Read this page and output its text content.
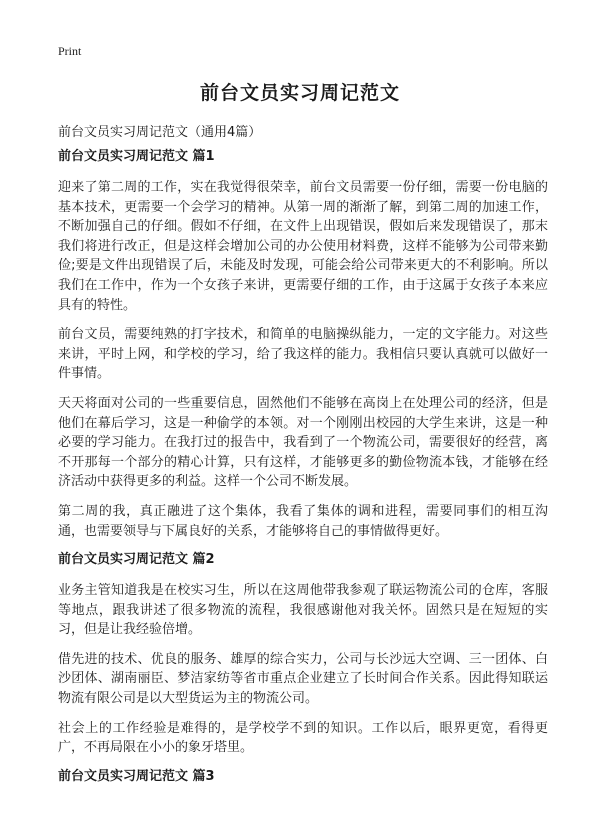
Print
前台文员实习周记范文
前台文员实习周记范文（通用4篇）
前台文员实习周记范文 篇1

迎来了第二周的工作，实在我觉得很荣幸，前台文员需要一份仔细，需要一份电脑的基本技术，更需要一个会学习的精神。从第一周的渐渐了解，到第二周的加速工作，不断加强自己的仔细。假如不仔细，在文件上出现错误，假如后来发现错误了，那末我们将进行改正，但是这样会增加公司的办公使用材料费，这样不能够为公司带来勤俭;要是文件出现错误了后，未能及时发现，可能会给公司带来更大的不利影响。所以我们在工作中，作为一个女孩子来讲，更需要仔细的工作，由于这属于女孩子本来应具有的特性。

前台文员，需要纯熟的打字技术，和简单的电脑操纵能力，一定的文字能力。对这些来讲，平时上网，和学校的学习，给了我这样的能力。我相信只要认真就可以做好一件事情。

天天将面对公司的一些重要信息，固然他们不能够在高岗上在处理公司的经济，但是他们在幕后学习，这是一种偷学的本领。对一个刚刚出校园的大学生来讲，这是一种必要的学习能力。在我打过的报告中，我看到了一个物流公司，需要很好的经营，离不开那每一个部分的精心计算，只有这样，才能够更多的勤俭物流本钱，才能够在经济活动中获得更多的利益。这样一个公司不断发展。

第二周的我，真正融进了这个集体，我看了集体的调和进程，需要同事们的相互沟通，也需要领导与下属良好的关系，才能够将自己的事情做得更好。

前台文员实习周记范文 篇2

业务主管知道我是在校实习生，所以在这周他带我参观了联运物流公司的仓库，客服等地点，跟我讲述了很多物流的流程，我很感谢他对我关怀。固然只是在短短的实习，但是让我经验倍增。

借先进的技术、优良的服务、雄厚的综合实力，公司与长沙远大空调、三一团体、白沙团体、湖南丽臣、梦洁家纺等省市重点企业建立了长时间合作关系。因此得知联运物流有限公司是以大型货运为主的物流公司。

社会上的工作经验是难得的，是学校学不到的知识。工作以后，眼界更宽，看得更广，不再局限在小小的象牙塔里。

前台文员实习周记范文 篇3
